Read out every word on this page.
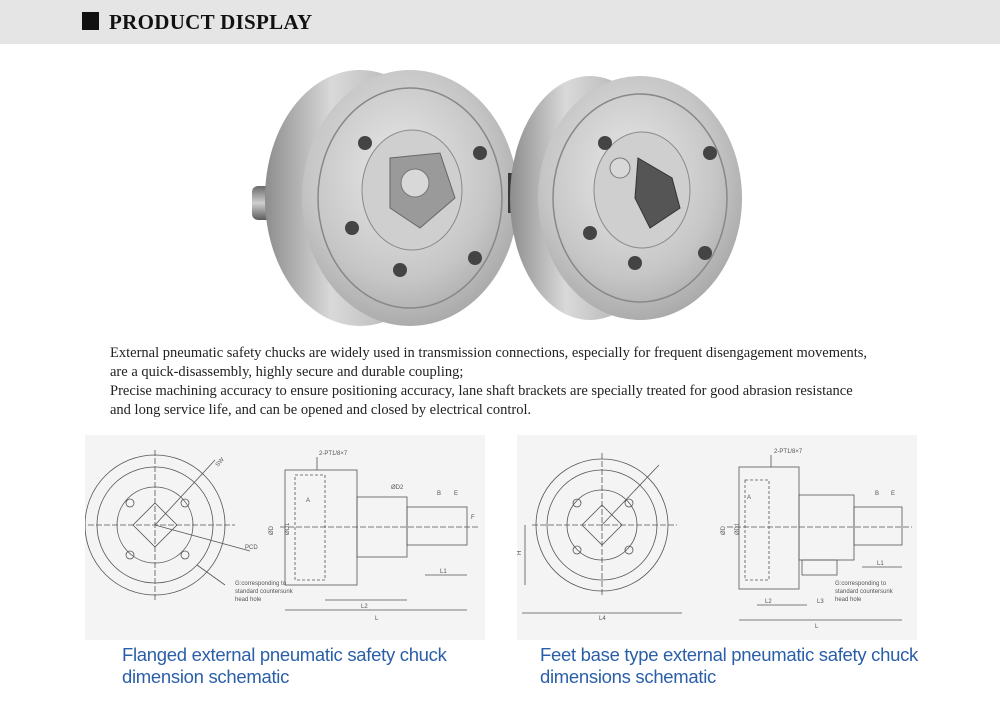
PRODUCT DISPLAY

External pneumatic safety chucks are widely used in transmission connections, especially for frequent disengagement movements,

are a quick-disassembly, highly secure and durable coupling;

Precise machining accuracy to ensure positioning accuracy, lane shaft brackets are specially treated for good abrasion resistance

and long service life, and can be opened and closed by electrical control.

SW
PCD
G:corresponding to
standard countersunk
head hole
2-PT1/8×7
A
B E
ØD2
ØD ØD1
L1
L2
L
F
H
L4
2-PT1/8×7
A
B E
ØD ØD1
L1
L2	L3
L
G:corresponding to
standard countersunk
head hole
Flanged external pneumatic safety chuck
dimension schematic
Feet base type external pneumatic safety chuck
dimensions schematic
